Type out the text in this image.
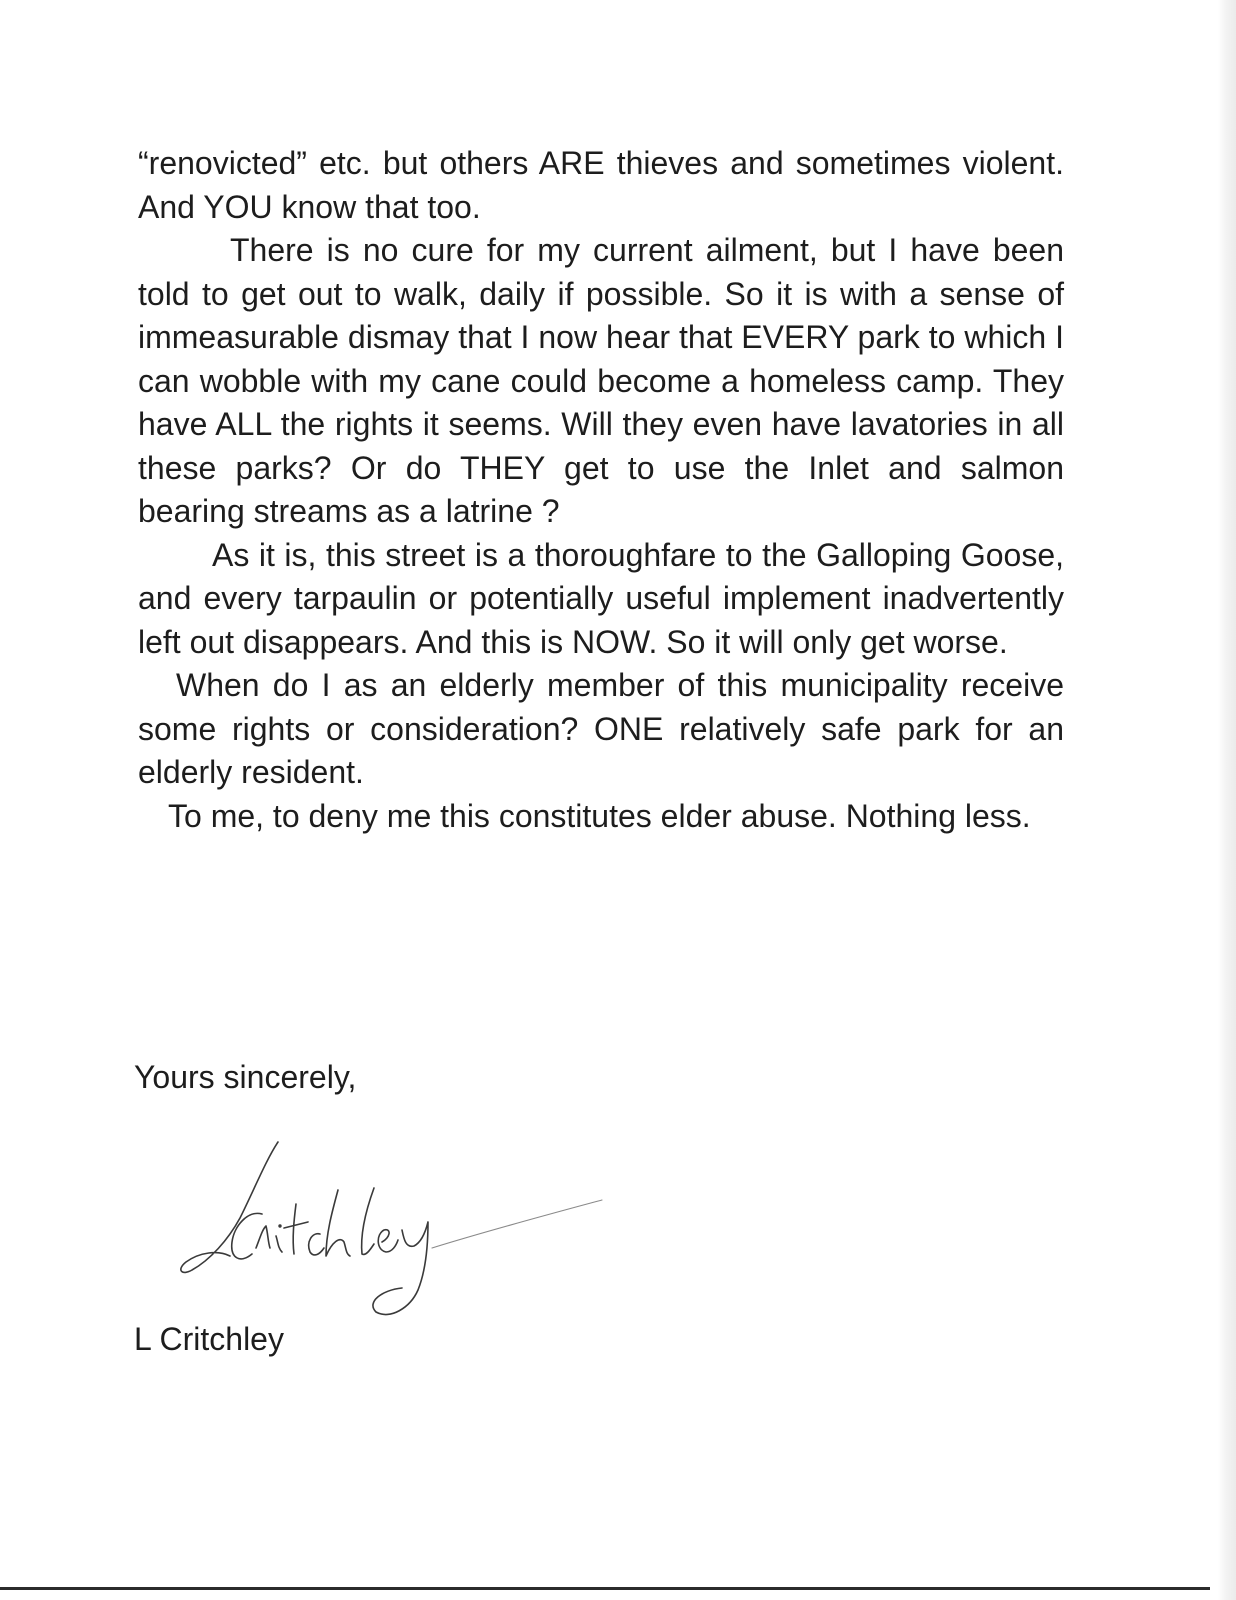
“renovicted” etc. but others ARE thieves and sometimes violent. And YOU know that too.

There is no cure for my current ailment, but I have been told to get out to walk, daily if possible. So it is with a sense of immeasurable dismay that I now hear that EVERY park to which I can wobble with my cane could become a homeless camp. They have ALL the rights it seems. Will they even have lavatories in all these parks? Or do THEY get to use the Inlet and salmon bearing streams as a latrine ?

As it is, this street is a thoroughfare to the Galloping Goose, and every tarpaulin or potentially useful implement inadvertently left out disappears. And this is NOW. So it will only get worse.

When do I as an elderly member of this municipality receive some rights or consideration? ONE relatively safe park for an elderly resident.

To me, to deny me this constitutes elder abuse. Nothing less.

Yours sincerely,
L Critchley
